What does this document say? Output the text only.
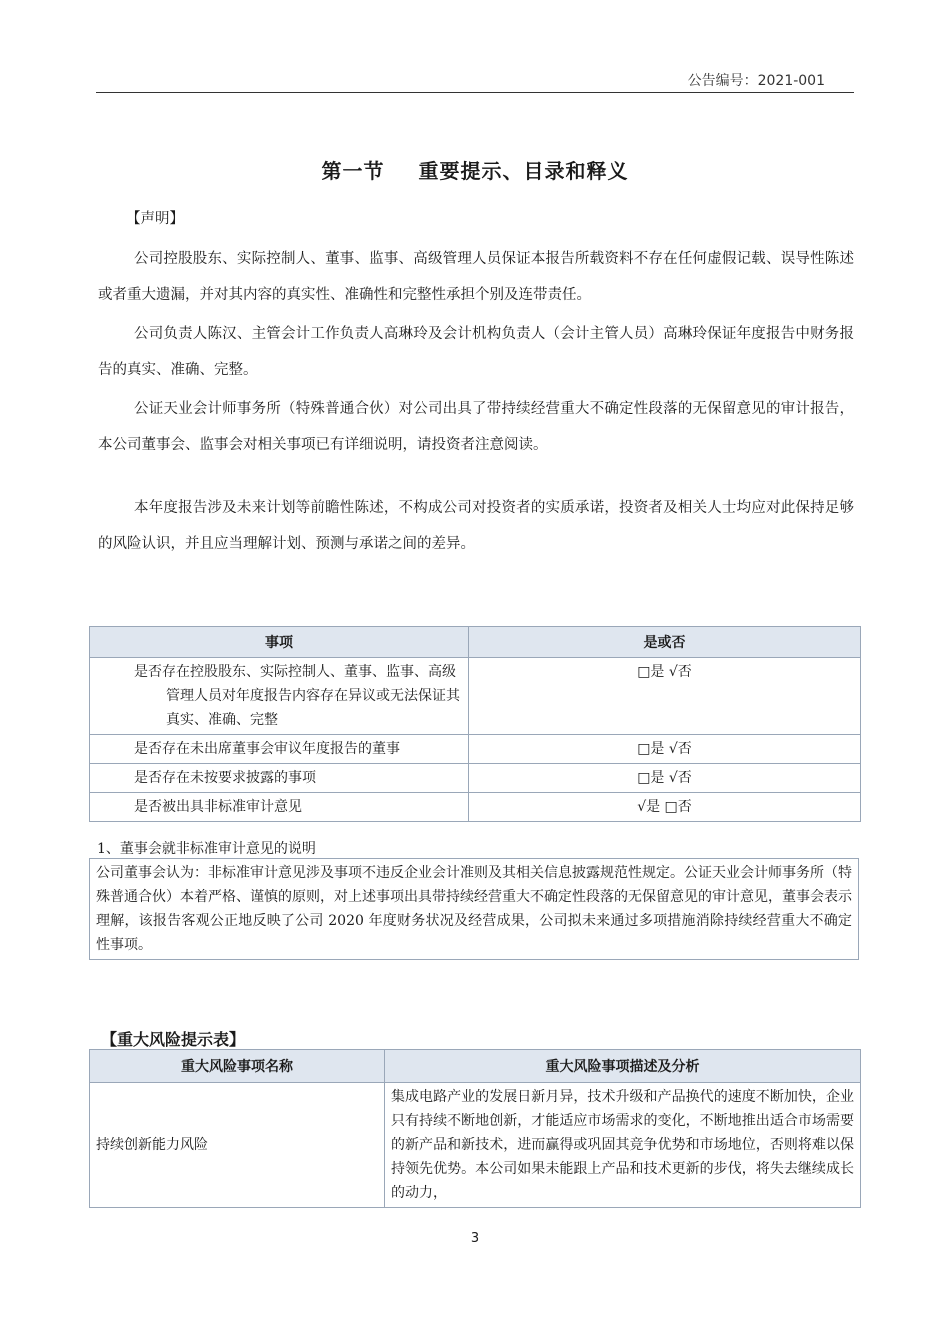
公告编号：2021-001
第一节 重要提示、目录和释义
【声明】
公司控股股东、实际控制人、董事、监事、高级管理人员保证本报告所载资料不存在任何虚假记载、误导性陈述或者重大遗漏，并对其内容的真实性、准确性和完整性承担个别及连带责任。
公司负责人陈汉、主管会计工作负责人高琳玲及会计机构负责人（会计主管人员）高琳玲保证年度报告中财务报告的真实、准确、完整。
公证天业会计师事务所（特殊普通合伙）对公司出具了带持续经营重大不确定性段落的无保留意见的审计报告，本公司董事会、监事会对相关事项已有详细说明，请投资者注意阅读。
本年度报告涉及未来计划等前瞻性陈述，不构成公司对投资者的实质承诺，投资者及相关人士均应对此保持足够的风险认识，并且应当理解计划、预测与承诺之间的差异。
事项	是或否

是否存在控股股东、实际控制人、董事、监事、高级管理人员对年度报告内容存在异议或无法保证其真实、准确、完整	□是 √否
是否存在未出席董事会审议年度报告的董事	□是 √否
是否存在未按要求披露的事项	□是 √否
是否被出具非标准审计意见	√是 □否
1、董事会就非标准审计意见的说明
公司董事会认为：非标准审计意见涉及事项不违反企业会计准则及其相关信息披露规范性规定。公证天业会计师事务所（特殊普通合伙）本着严格、谨慎的原则，对上述事项出具带持续经营重大不确定性段落的无保留意见的审计意见，董事会表示理解，该报告客观公正地反映了公司 2020 年度财务状况及经营成果，公司拟未来通过多项措施消除持续经营重大不确定性事项。
【重大风险提示表】
重大风险事项名称	重大风险事项描述及分析
持续创新能力风险	集成电路产业的发展日新月异，技术升级和产品换代的速度不断加快，企业只有持续不断地创新，才能适应市场需求的变化，不断地推出适合市场需要的新产品和新技术，进而赢得或巩固其竞争优势和市场地位，否则将难以保持领先优势。本公司如果未能跟上产品和技术更新的步伐，将失去继续成长的动力，
3
